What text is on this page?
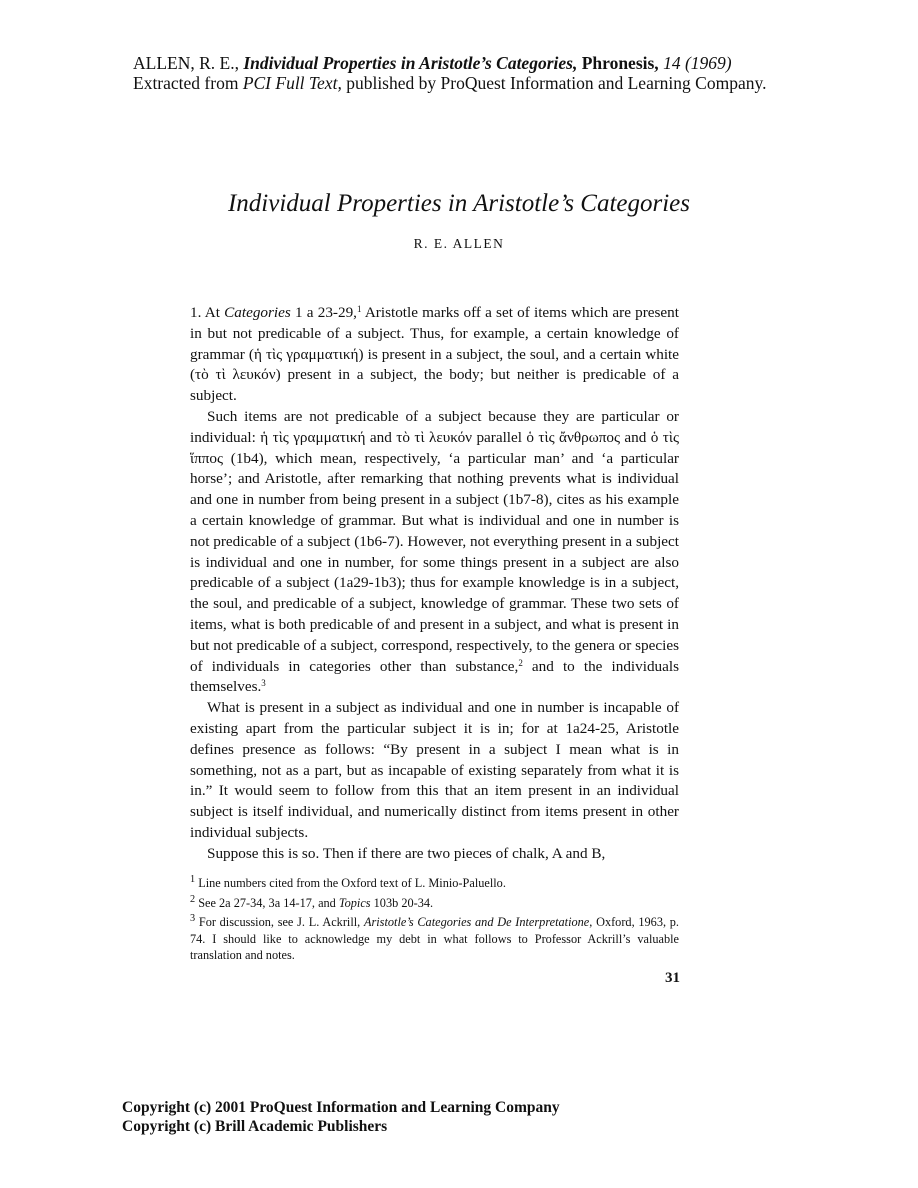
ALLEN, R. E., Individual Properties in Aristotle’s Categories, Phronesis, 14 (1969)
Extracted from PCI Full Text, published by ProQuest Information and Learning Company.
Individual Properties in Aristotle’s Categories
R. E. ALLEN

1. At Categories 1 a 23-29,$^1$ Aristotle marks off a set of items which are present in but not predicable of a subject. Thus, for example, a certain knowledge of grammar (ἡ τὶς γραμματική) is present in a subject, the soul, and a certain white (τὸ τὶ λευκόν) present in a subject, the body; but neither is predicable of a subject.

Such items are not predicable of a subject because they are particular or individual: ἡ τὶς γραμματική and τὸ τὶ λευκόν parallel ὁ τὶς ἄνθρωπος and ὁ τὶς ἵππος (1b4), which mean, respectively, ‘a particular man’ and ‘a particular horse’; and Aristotle, after remarking that nothing prevents what is individual and one in number from being present in a subject (1b7-8), cites as his example a certain knowledge of grammar. But what is individual and one in number is not predicable of a subject (1b6-7). However, not everything present in a subject is individual and one in number, for some things present in a subject are also predicable of a subject (1a29-1b3); thus for example knowledge is in a subject, the soul, and predicable of a subject, knowledge of grammar. These two sets of items, what is both predicable of and present in a subject, and what is present in but not predicable of a subject, correspond, respectively, to the genera or species of individuals in categories other than substance,$^2$ and to the individuals themselves.$^3$

What is present in a subject as individual and one in number is incapable of existing apart from the particular subject it is in; for at 1a24-25, Aristotle defines presence as follows: “By present in a subject I mean what is in something, not as a part, but as incapable of existing separately from what it is in.” It would seem to follow from this that an item present in an individual subject is itself individual, and numerically distinct from items present in other individual subjects.

Suppose this is so. Then if there are two pieces of chalk, A and B,

$^1$ Line numbers cited from the Oxford text of L. Minio-Paluello.
$^2$ See 2a 27-34, 3a 14-17, and Topics 103b 20-34.
$^3$ For discussion, see J. L. Ackrill, Aristotle’s Categories and De Interpretatione, Oxford, 1963, p. 74. I should like to acknowledge my debt in what follows to Professor Ackrill’s valuable translation and notes.
31
Copyright (c) 2001 ProQuest Information and Learning Company
Copyright (c) Brill Academic Publishers
